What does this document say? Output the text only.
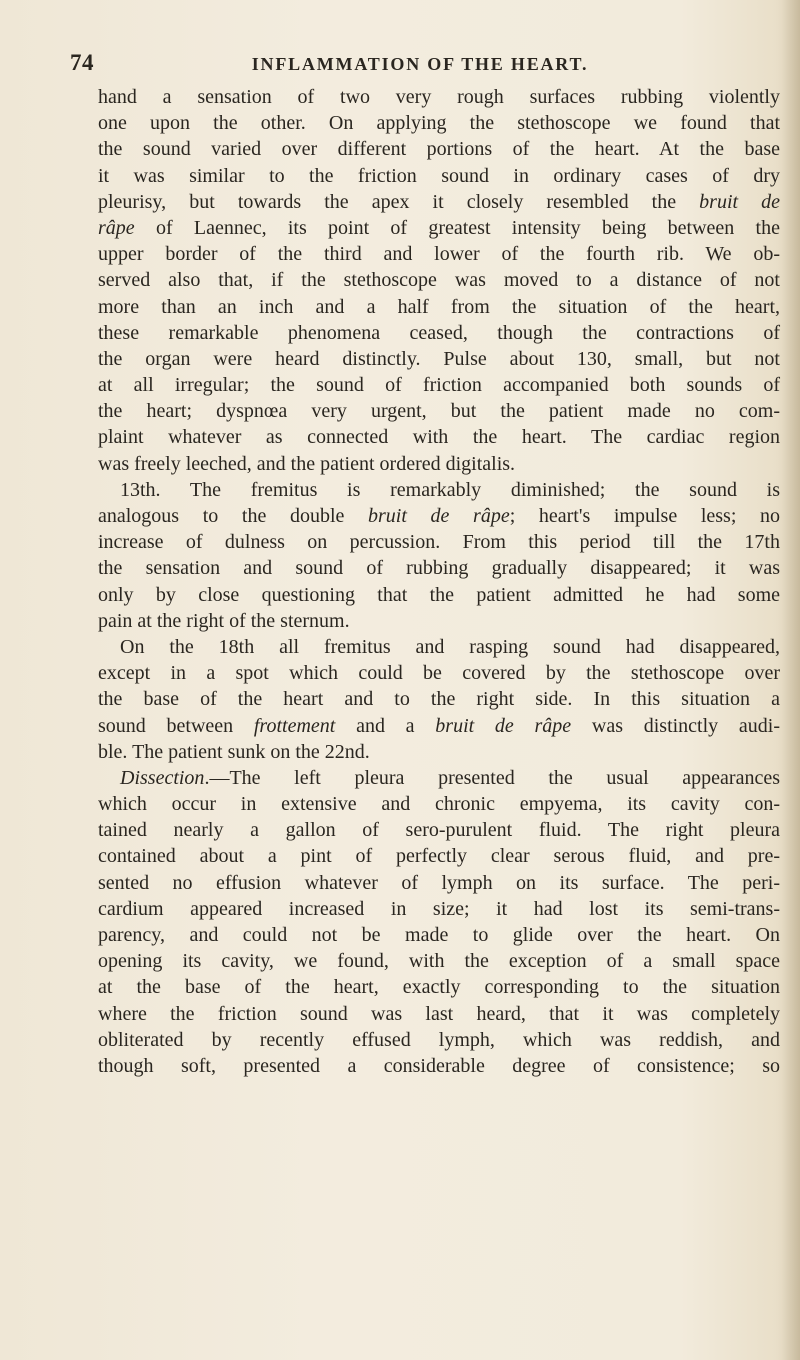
74	INFLAMMATION OF THE HEART.
hand a sensation of two very rough surfaces rubbing violently
one upon the other. On applying the stethoscope we found that
the sound varied over different portions of the heart. At the base
it was similar to the friction sound in ordinary cases of dry
pleurisy, but towards the apex it closely resembled the bruit de
râpe of Laennec, its point of greatest intensity being between the
upper border of the third and lower of the fourth rib. We ob-
served also that, if the stethoscope was moved to a distance of not
more than an inch and a half from the situation of the heart,
these remarkable phenomena ceased, though the contractions of
the organ were heard distinctly. Pulse about 130, small, but not
at all irregular; the sound of friction accompanied both sounds of
the heart; dyspnœa very urgent, but the patient made no com-
plaint whatever as connected with the heart. The cardiac region
was freely leeched, and the patient ordered digitalis.
13th. The fremitus is remarkably diminished; the sound is
analogous to the double bruit de râpe; heart's impulse less; no
increase of dulness on percussion. From this period till the 17th
the sensation and sound of rubbing gradually disappeared; it was
only by close questioning that the patient admitted he had some
pain at the right of the sternum.
On the 18th all fremitus and rasping sound had disappeared,
except in a spot which could be covered by the stethoscope over
the base of the heart and to the right side. In this situation a
sound between frottement and a bruit de râpe was distinctly audi-
ble. The patient sunk on the 22nd.
Dissection.—The left pleura presented the usual appearances
which occur in extensive and chronic empyema, its cavity con-
tained nearly a gallon of sero-purulent fluid. The right pleura
contained about a pint of perfectly clear serous fluid, and pre-
sented no effusion whatever of lymph on its surface. The peri-
cardium appeared increased in size; it had lost its semi-trans-
parency, and could not be made to glide over the heart. On
opening its cavity, we found, with the exception of a small space
at the base of the heart, exactly corresponding to the situation
where the friction sound was last heard, that it was completely
obliterated by recently effused lymph, which was reddish, and
though soft, presented a considerable degree of consistence; so
